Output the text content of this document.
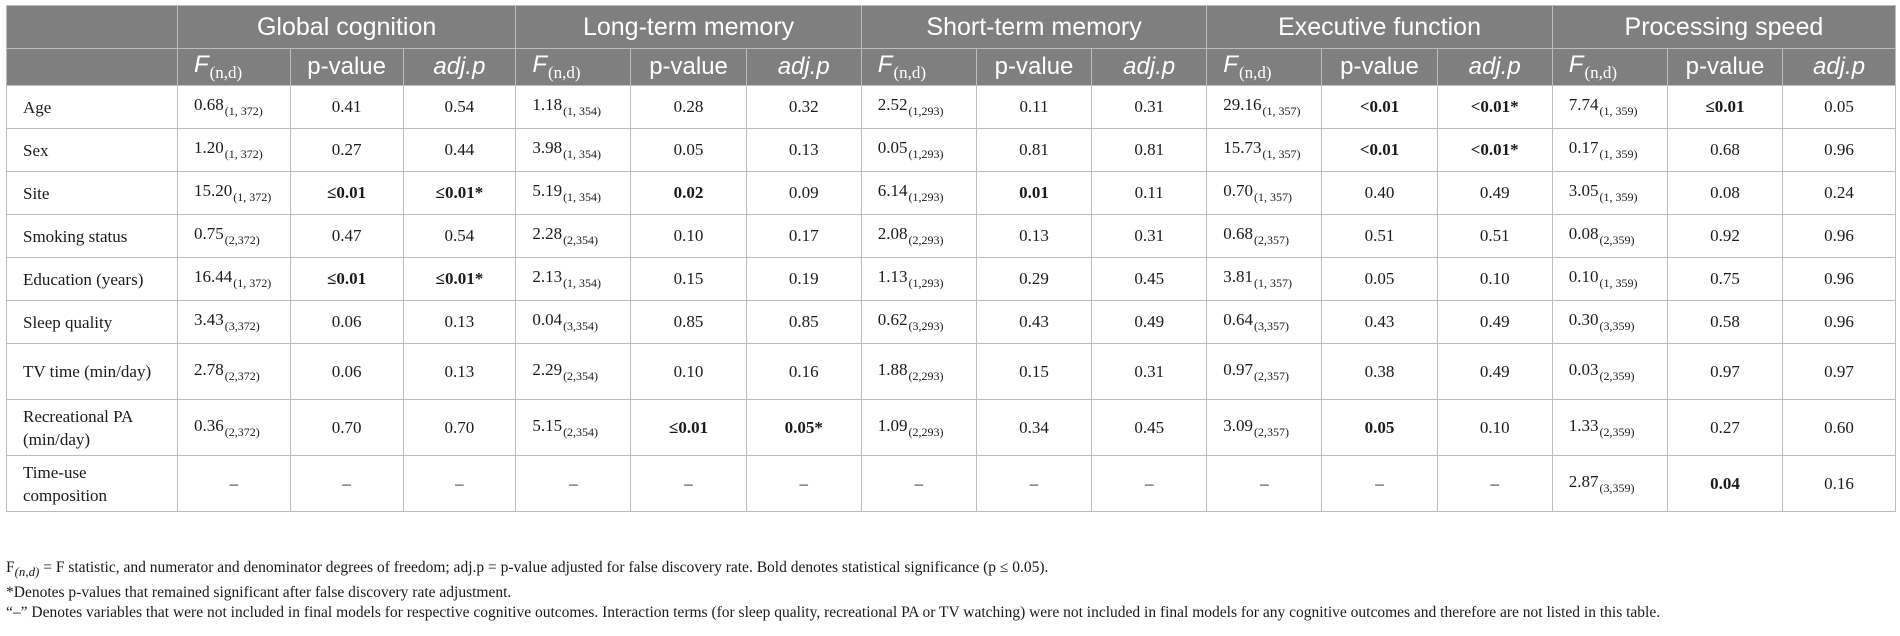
	Global cognition			Long-term memory			Short-term memory			Executive function			Processing speed		
	$F_{(n,d)}$	p-value	adj.p	$F_{(n,d)}$	p-value	adj.p	$F_{(n,d)}$	p-value	adj.p	$F_{(n,d)}$	p-value	adj.p	$F_{(n,d)}$	p-value	adj.p
Age	$0.68_{(1, 372)}$	0.41	0.54	$1.18_{(1, 354)}$	0.28	0.32	$2.52_{(1,293)}$	0.11	0.31	$29.16_{(1, 357)}$	<0.01	<0.01*	$7.74_{(1, 359)}$	≤0.01	0.05
Sex	$1.20_{(1, 372)}$	0.27	0.44	$3.98_{(1, 354)}$	0.05	0.13	$0.05_{(1,293)}$	0.81	0.81	$15.73_{(1, 357)}$	<0.01	<0.01*	$0.17_{(1, 359)}$	0.68	0.96
Site	$15.20_{(1, 372)}$	≤0.01	≤0.01*	$5.19_{(1, 354)}$	0.02	0.09	$6.14_{(1,293)}$	0.01	0.11	$0.70_{(1, 357)}$	0.40	0.49	$3.05_{(1, 359)}$	0.08	0.24
Smoking status	$0.75_{(2,372)}$	0.47	0.54	$2.28_{(2,354)}$	0.10	0.17	$2.08_{(2,293)}$	0.13	0.31	$0.68_{(2,357)}$	0.51	0.51	$0.08_{(2,359)}$	0.92	0.96
Education (years)	$16.44_{(1, 372)}$	≤0.01	≤0.01*	$2.13_{(1, 354)}$	0.15	0.19	$1.13_{(1,293)}$	0.29	0.45	$3.81_{(1, 357)}$	0.05	0.10	$0.10_{(1, 359)}$	0.75	0.96
Sleep quality	$3.43_{(3,372)}$	0.06	0.13	$0.04_{(3,354)}$	0.85	0.85	$0.62_{(3,293)}$	0.43	0.49	$0.64_{(3,357)}$	0.43	0.49	$0.30_{(3,359)}$	0.58	0.96
TV time (min/day)	$2.78_{(2,372)}$	0.06	0.13	$2.29_{(2,354)}$	0.10	0.16	$1.88_{(2,293)}$	0.15	0.31	$0.97_{(2,357)}$	0.38	0.49	$0.03_{(2,359)}$	0.97	0.97
Recreational PA (min/day)	$0.36_{(2,372)}$	0.70	0.70	$5.15_{(2,354)}$	≤0.01	0.05*	$1.09_{(2,293)}$	0.34	0.45	$3.09_{(2,357)}$	0.05	0.10	$1.33_{(2,359)}$	0.27	0.60
Time-use composition	–	–	–	–	–	–	–	–	–	–	–	–	$2.87_{(3,359)}$	0.04	0.16
$F_{(n,d)} = F$ statistic, and numerator and denominator degrees of freedom; adj.p = p-value adjusted for false discovery rate. Bold denotes statistical significance (p ≤ 0.05).
*Denotes p-values that remained significant after false discovery rate adjustment.
“–” Denotes variables that were not included in final models for respective cognitive outcomes. Interaction terms (for sleep quality, recreational PA or TV watching) were not included in final models for any cognitive outcomes and therefore are not listed in this table.
